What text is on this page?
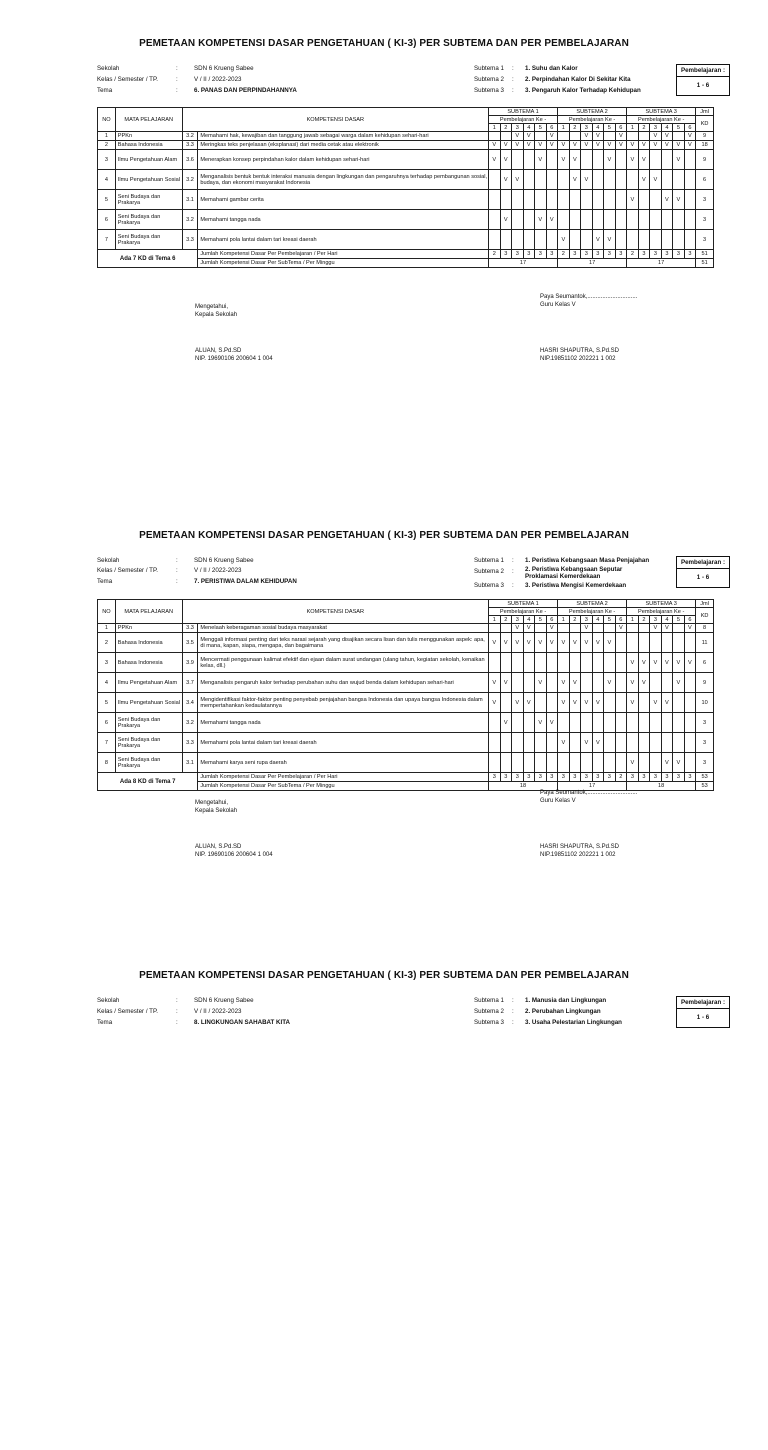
PEMETAAN KOMPETENSI DASAR PENGETAHUAN ( KI-3) PER SUBTEMA DAN PER PEMBELAJARAN
Sekolah	:	SDN 6 Krueng Sabee
Kelas / Semester / TP.	:	V / II / 2022-2023
Tema	:	6. PANAS DAN PERPINDAHANNYA
Subtema 1	:	1. Suhu dan Kalor
Subtema 2	:	2. Perpindahan Kalor Di Sekitar Kita
Subtema 3	:	3. Pengaruh Kalor Terhadap Kehidupan
Pembelajaran :
1 - 6
NO	MATA PELAJARAN	KOMPETENSI DASAR		SUBTEMA 1						SUBTEMA 2						SUBTEMA 3						Jml
				Pembelajaran Ke -						Pembelajaran Ke -						Pembelajaran Ke -						KD
				1	2	3	4	5	6	1	2	3	4	5	6	1	2	3	4	5	6	
1	PPKn	3.2	Memahami hak, kewajiban dan tanggung jawab sebagai warga dalam kehidupan sehari-hari			V	V		V			V	V		V			V	V		V	9
2	Bahasa Indonesia	3.3	Meringkas teks penjelasan (eksplanasi) dari media cetak atau elektronik	V	V	V	V	V	V	V	V	V	V	V	V	V	V	V	V	V	V	18
3	Ilmu Pengetahuan Alam	3.6	Menerapkan konsep perpindahan kalor dalam kehidupan sehari-hari	V	V			V		V	V			V		V	V			V		9
4	Ilmu Pengetahuan Sosial	3.2	Menganalisis bentuk bentuk interaksi manusia dengan lingkungan dan pengaruhnya terhadap pembangunan sosial, budaya, dan ekonomi masyarakat Indonesia		V	V					V	V					V	V				6
5	Seni Budaya dan Prakarya	3.1	Memahami gambar cerita													V			V	V		3
6	Seni Budaya dan Prakarya	3.2	Memahami tangga nada		V			V	V													3
7	Seni Budaya dan Prakarya	3.3	Memahami pola lantai dalam tari kreasi daerah							V			V	V								3
Ada 7 KD di Tema 6			Jumlah Kompetensi Dasar Per Pembelajaran / Per Hari	2	3	3	3	3	3	2	3	3	3	3	3	2	3	3	3	3	3	51
			Jumlah Kompetensi Dasar Per SubTema / Per Minggu	17						17						17						51
Mengetahui,
Kepala Sekolah
ALUAN, S.Pd.SD
NIP. 19690106 200604 1 004
Paya Seumantok,..............................
Guru Kelas V
HASRI SHAPUTRA, S.Pd.SD
NIP.19851102 202221 1 002
PEMETAAN KOMPETENSI DASAR PENGETAHUAN ( KI-3) PER SUBTEMA DAN PER PEMBELAJARAN
Sekolah	:	SDN 6 Krueng Sabee
Kelas / Semester / TP.	:	V / II / 2022-2023
Tema	:	7. PERISTIWA DALAM KEHIDUPAN
Subtema 1	:	1. Peristiwa Kebangsaan Masa Penjajahan
Subtema 2	:	2. Peristiwa Kebangsaan Seputar Proklamasi Kemerdekaan
Subtema 3	:	3. Peristiwa Mengisi Kemerdekaan
Pembelajaran :
1 - 6
NO	MATA PELAJARAN	KOMPETENSI DASAR		SUBTEMA 1						SUBTEMA 2						SUBTEMA 3						Jml
				Pembelajaran Ke -						Pembelajaran Ke -						Pembelajaran Ke -						KD
				1	2	3	4	5	6	1	2	3	4	5	6	1	2	3	4	5	6	
1	PPKn	3.3	Menelaah keberagaman sosial budaya masyarakat			V	V		V			V			V			V	V		V	8
2	Bahasa Indonesia	3.5	Menggali informasi penting dari teks narasi sejarah yang disajikan secara lisan dan tulis menggunakan aspek: apa, di mana, kapan, siapa, mengapa, dan bagaimana	V	V	V	V	V	V	V	V	V	V	V								11
3	Bahasa Indonesia	3.9	Mencermati penggunaan kalimat efektif dan ejaan dalam surat undangan (ulang tahun, kegiatan sekolah, kenaikan kelas, dll.)													V	V	V	V	V	V	6
4	Ilmu Pengetahuan Alam	3.7	Menganalisis pengaruh kalor terhadap perubahan suhu dan wujud benda dalam kehidupan sehari-hari	V	V			V		V	V			V		V	V			V		9
5	Ilmu Pengetahuan Sosial	3.4	Mengidentifikasi faktor-faktor penting penyebab penjajahan bangsa Indonesia dan upaya bangsa Indonesia dalam mempertahankan kedaulatannya	V		V	V			V	V	V	V			V		V	V			10
6	Seni Budaya dan Prakarya	3.2	Memahami tangga nada		V			V	V													3
7	Seni Budaya dan Prakarya	3.3	Memahami pola lantai dalam tari kreasi daerah							V		V	V									3
8	Seni Budaya dan Prakarya	3.1	Memahami karya seni rupa daerah													V			V	V		3
Ada 8 KD di Tema 7			Jumlah Kompetensi Dasar Per Pembelajaran / Per Hari	3	3	3	3	3	3	3	3	3	3	3	2	3	3	3	3	3	3	53
			Jumlah Kompetensi Dasar Per SubTema / Per Minggu	18						17						18						53
Mengetahui,
Kepala Sekolah
ALUAN, S.Pd.SD
NIP. 19690106 200604 1 004
Paya Seumantok,..............................
Guru Kelas V
HASRI SHAPUTRA, S.Pd.SD
NIP.19851102 202221 1 002
PEMETAAN KOMPETENSI DASAR PENGETAHUAN ( KI-3) PER SUBTEMA DAN PER PEMBELAJARAN
Sekolah	:	SDN 6 Krueng Sabee
Kelas / Semester / TP.	:	V / II / 2022-2023
Tema	:	8. LINGKUNGAN SAHABAT KITA
Subtema 1	:	1. Manusia dan Lingkungan
Subtema 2	:	2. Perubahan Lingkungan
Subtema 3	:	3. Usaha Pelestarian Lingkungan
Pembelajaran :
1 - 6
